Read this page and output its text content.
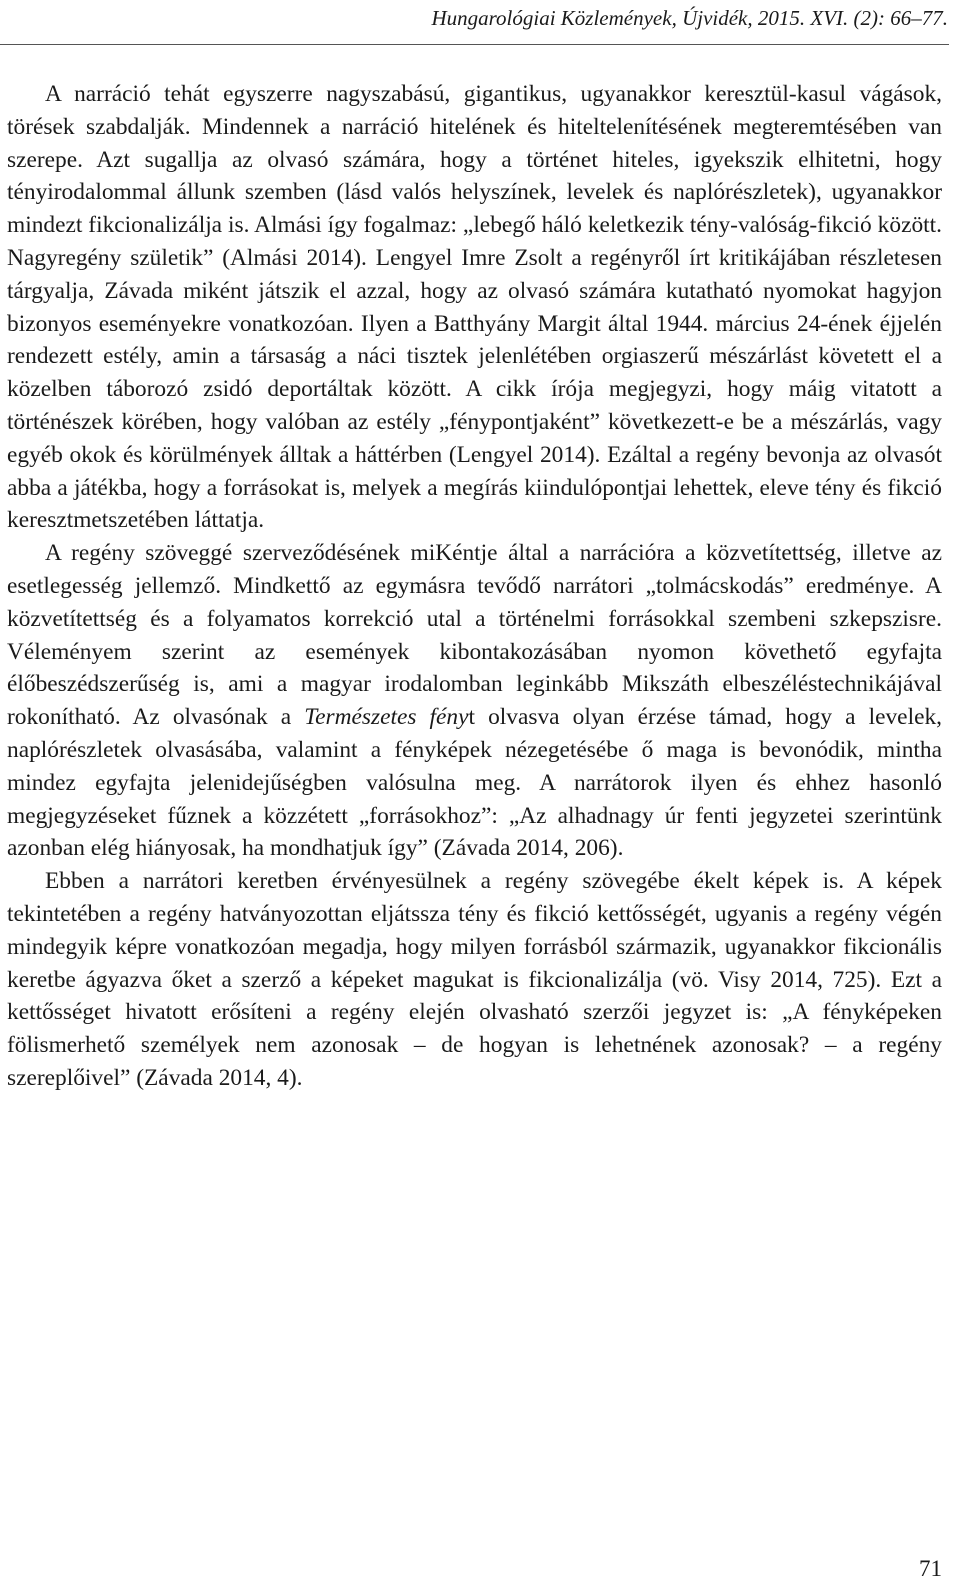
Hungarológiai Közlemények, Újvidék, 2015. XVI. (2): 66–77.

A narráció tehát egyszerre nagyszabású, gigantikus, ugyanakkor keresztül-kasul vágások, törések szabdalják. Mindennek a narráció hitelének és hiteltelenítésének megteremtésében van szerepe. Azt sugallja az olvasó számára, hogy a történet hiteles, igyekszik elhitetni, hogy tényirodalommal állunk szemben (lásd valós helyszínek, levelek és naplórészletek), ugyanakkor mindezt fikcionalizálja is. Almási így fogalmaz: „lebegő háló keletkezik tény-valóság-fikció között. Nagyregény születik” (Almási 2014). Lengyel Imre Zsolt a regényről írt kritikájában részletesen tárgyalja, Závada miként játszik el azzal, hogy az olvasó számára kutatható nyomokat hagyjon bizonyos eseményekre vonatkozóan. Ilyen a Batthyány Margit által 1944. március 24-ének éjjelén rendezett estély, amin a társaság a náci tisztek jelenlétében orgiaszerű mészárlást követett el a közelben táborozó zsidó deportáltak között. A cikk írója megjegyzi, hogy máig vitatott a történészek körében, hogy valóban az estély „fénypontjaként” következett-e be a mészárlás, vagy egyéb okok és körülmények álltak a háttérben (Lengyel 2014). Ezáltal a regény bevonja az olvasót abba a játékba, hogy a forrásokat is, melyek a megírás kiindulópontjai lehettek, eleve tény és fikció keresztmetszetében láttatja.

A regény szöveggé szerveződésének miKéntje által a narrációra a közvetítettség, illetve az esetlegesség jellemző. Mindkettő az egymásra tevődő narrátori „tolmácskodás” eredménye. A közvetítettség és a folyamatos korrekció utal a történelmi forrásokkal szembeni szkepszisre. Véleményem szerint az események kibontakozásában nyomon követhető egyfajta élőbeszédszerűség is, ami a magyar irodalomban leginkább Mikszáth elbeszéléstechnikájával rokonítható. Az olvasónak a Természetes fényt olvasva olyan érzése támad, hogy a levelek, naplórészletek olvasásába, valamint a fényképek nézegetésébe ő maga is bevonódik, mintha mindez egyfajta jelenidejűségben valósulna meg. A narrátorok ilyen és ehhez hasonló megjegyzéseket fűznek a közzétett „forrásokhoz”: „Az alhadnagy úr fenti jegyzetei szerintünk azonban elég hiányosak, ha mondhatjuk így” (Závada 2014, 206).

Ebben a narrátori keretben érvényesülnek a regény szövegébe ékelt képek is. A képek tekintetében a regény hatványozottan eljátssza tény és fikció kettősségét, ugyanis a regény végén mindegyik képre vonatkozóan megadja, hogy milyen forrásból származik, ugyanakkor fikcionális keretbe ágyazva őket a szerző a képeket magukat is fikcionalizálja (vö. Visy 2014, 725). Ezt a kettősséget hivatott erősíteni a regény elején olvasható szerzői jegyzet is: „A fényképeken fölismerhető személyek nem azonosak – de hogyan is lehetnének azonosak? – a regény szereplőivel” (Závada 2014, 4).

71
